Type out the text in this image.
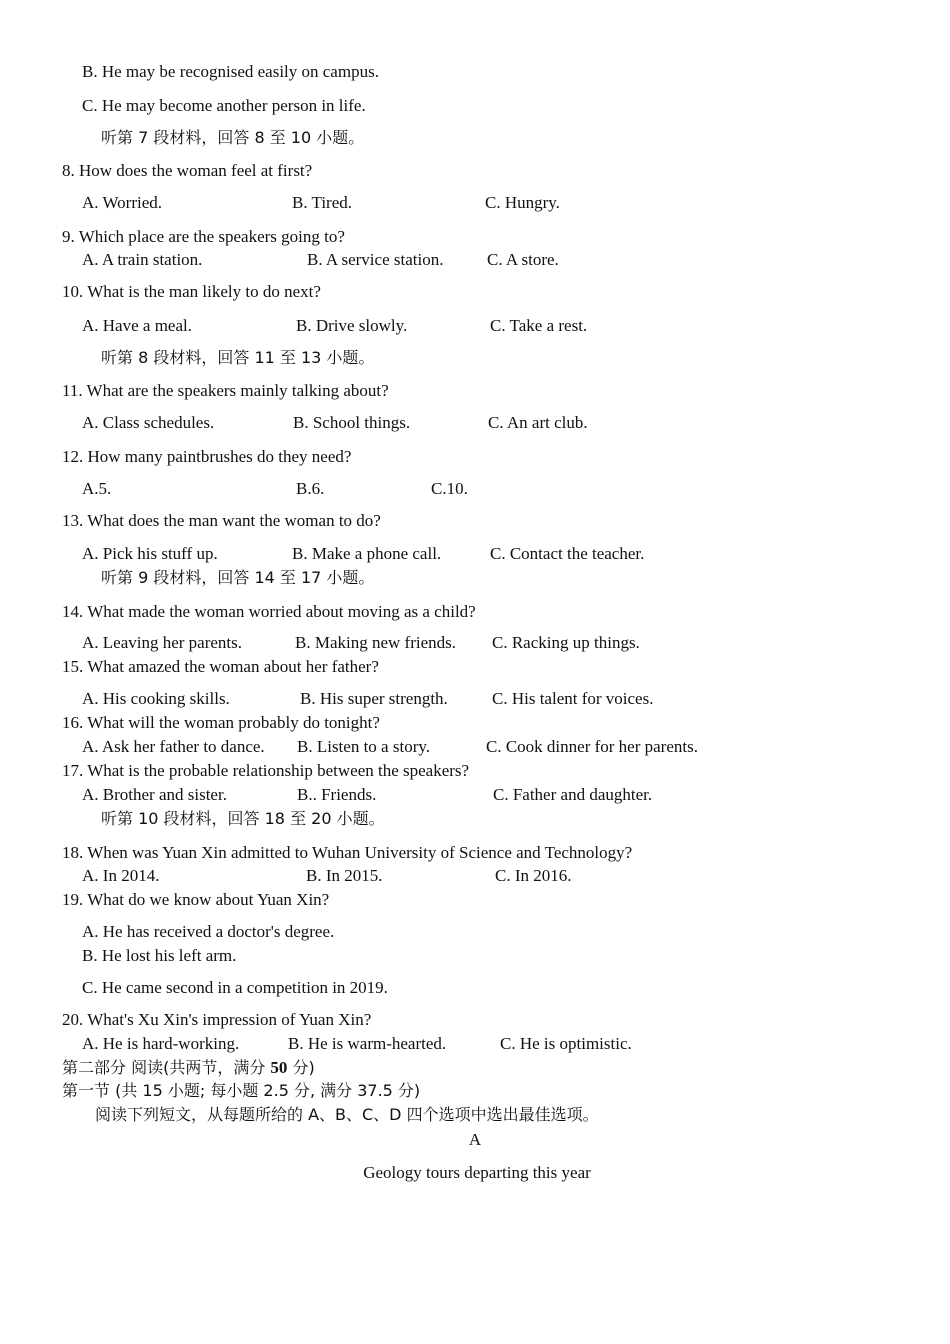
B. He may be recognised easily on campus.
C. He may become another person in life.
听第 7 段材料，回答 8 至 10 小题。
8. How does the woman feel at first?
A. Worried.	B. Tired.	C. Hungry.
9. Which place are the speakers going to?
A. A train station.	B. A service station.	C. A store.
10. What is the man likely to do next?
A. Have a meal.	B. Drive slowly.	C. Take a rest.
听第 8 段材料，回答 11 至 13 小题。
11. What are the speakers mainly talking about?
A. Class schedules.	B. School things.	C. An art club.
12. How many paintbrushes do they need?
A.5.	B.6.	C.10.
13. What does the man want the woman to do?
A. Pick his stuff up.	B. Make a phone call.	C. Contact the teacher.
听第 9 段材料，回答 14 至 17 小题。
14. What made the woman worried about moving as a child?
A. Leaving her parents.	B. Making new friends. C. Racking up things.
15. What amazed the woman about her father?
A. His cooking skills.	B. His super strength.	C. His talent for voices.
16. What will the woman probably do tonight?
A. Ask her father to dance. B. Listen to a story.	C. Cook dinner for her parents.
17. What is the probable relationship between the speakers?
A. Brother and sister.	B.. Friends.	C. Father and daughter.
听第 10 段材料，回答 18 至 20 小题。
18. When was Yuan Xin admitted to Wuhan University of Science and Technology?
A. In 2014.	B. In 2015.	C. In 2016.
19. What do we know about Yuan Xin?
A. He has received a doctor's degree.
B. He lost his left arm.
C. He came second in a competition in 2019.
20. What's Xu Xin's impression of Yuan Xin?
A. He is hard-working.	B. He is warm-hearted.	C. He is optimistic.
第二部分 阅读(共两节，满分 50 分)
第一节 (共 15 小题; 每小题 2.5 分, 满分 37.5 分)
阅读下列短文，从每题所给的 A、B、C、D 四个选项中选出最佳选项。
A
Geology tours departing this year
